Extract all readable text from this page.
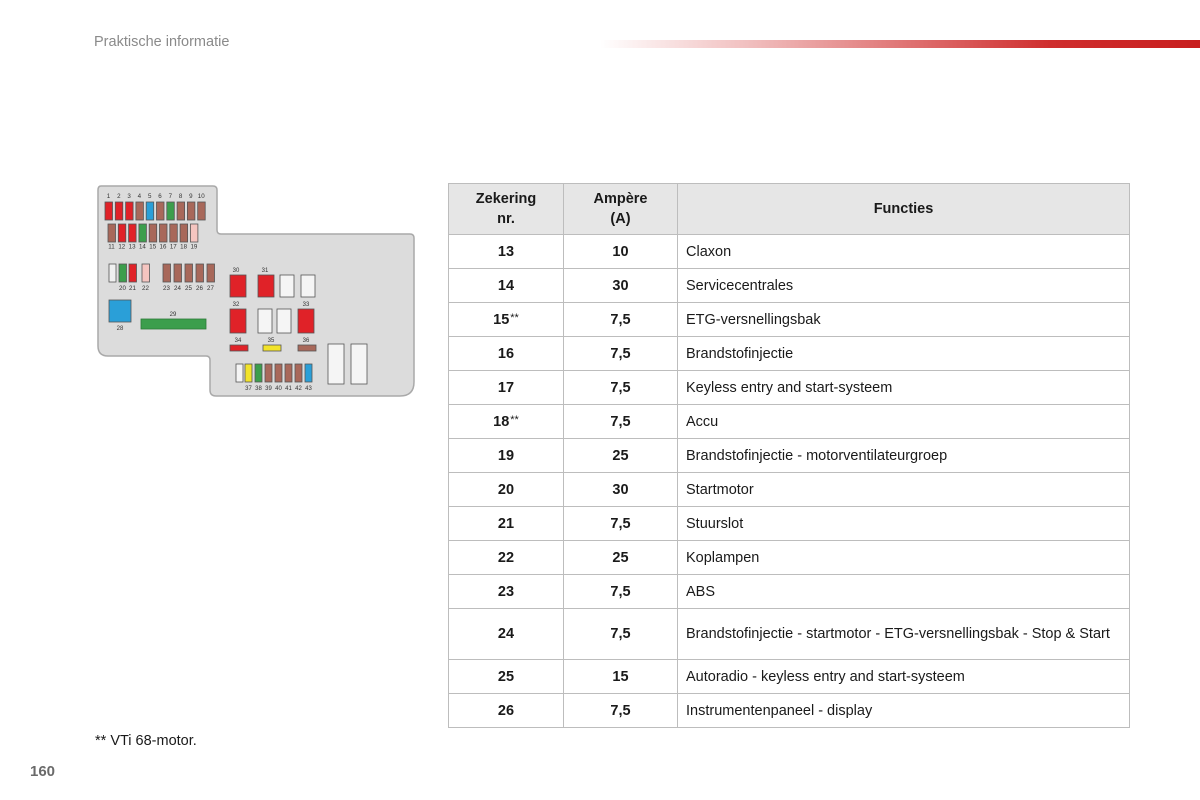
Praktische informatie
1 2 3 4 5 6 7 8 9 10
11 12 13 14 15 16 17 18 19
20 21 22 23 24 25 26 27
28
29
30	31
32	33
34	35	36
37 38 39 40 41 42 43
Zekering nr.	Ampère (A)	Functies
13	10	Claxon
14	30	Servicecentrales
15**	7,5	ETG-versnellingsbak
16	7,5	Brandstofinjectie
17	7,5	Keyless entry and start-systeem
18**	7,5	Accu
19	25	Brandstofinjectie - motorventilateurgroep
20	30	Startmotor
21	7,5	Stuurslot
22	25	Koplampen
23	7,5	ABS
24	7,5	Brandstofinjectie - startmotor - ETG-versnellingsbak - Stop & Start
25	15	Autoradio - keyless entry and start-systeem
26	7,5	Instrumentenpaneel - display
** VTi 68-motor.
160
